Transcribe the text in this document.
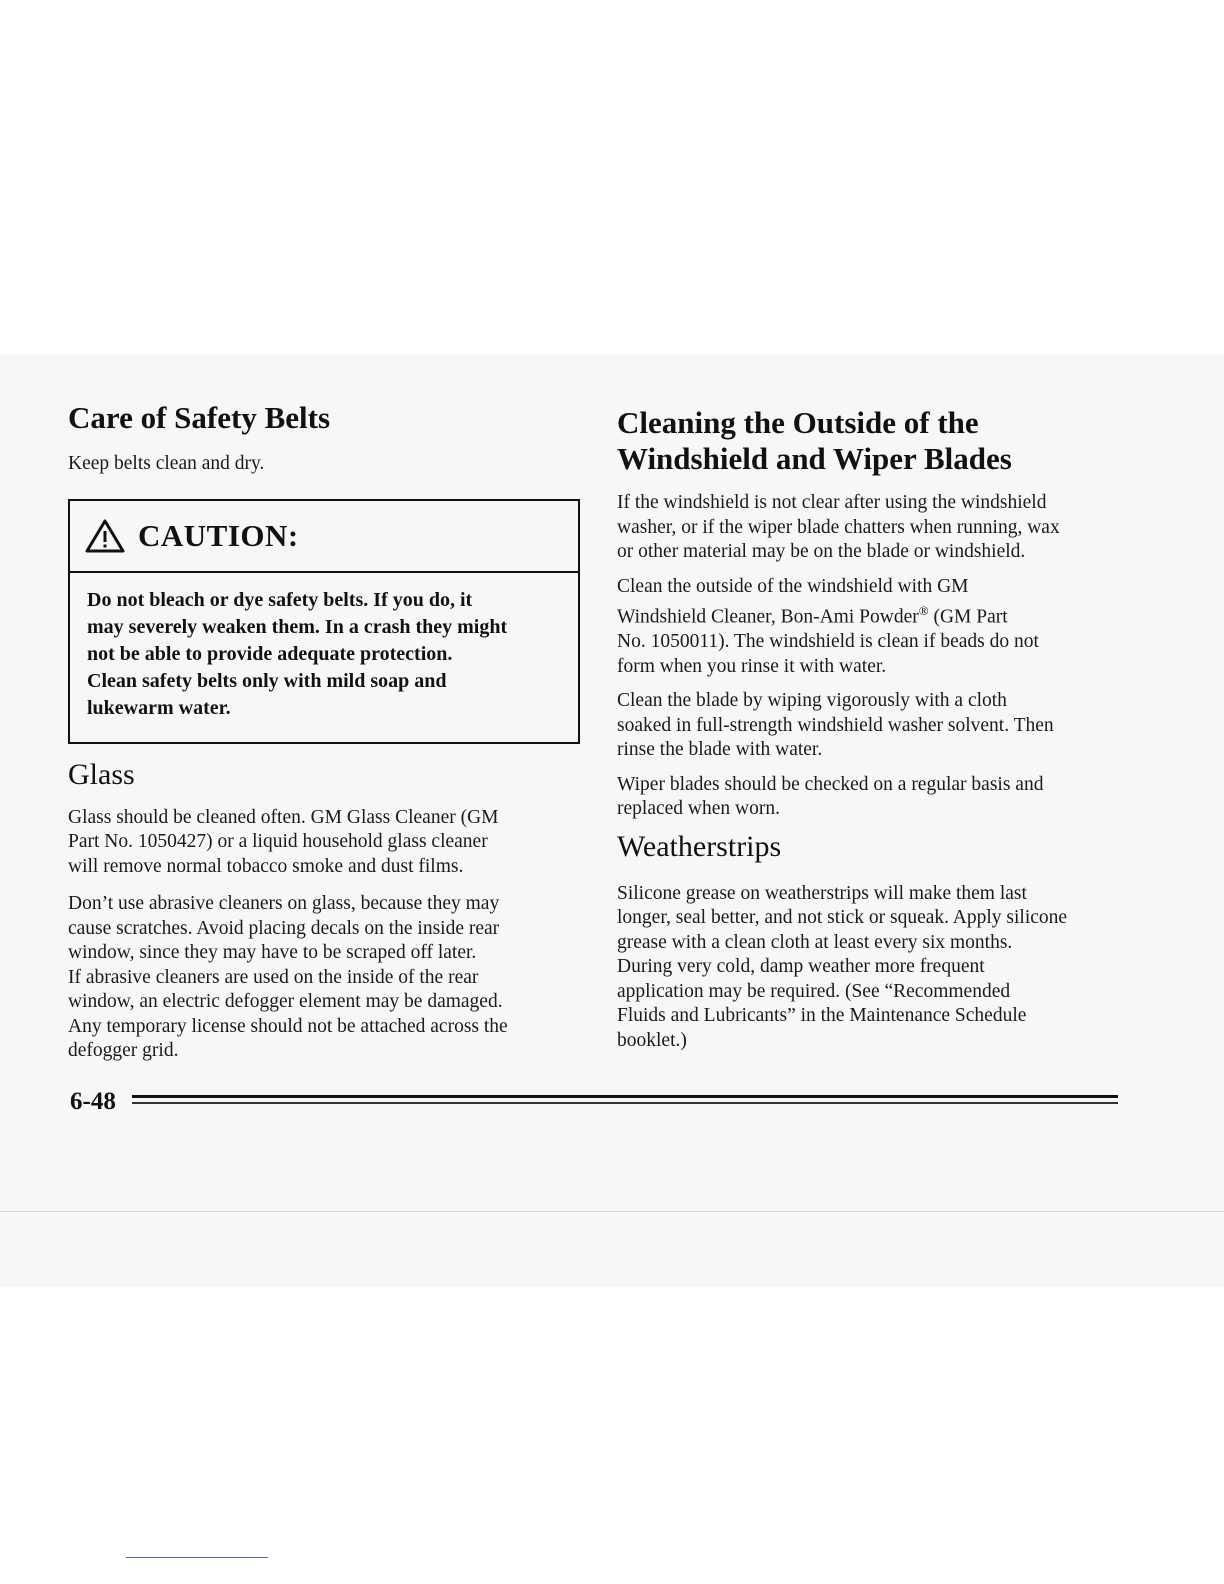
Care of Safety Belts

Keep belts clean and dry.

CAUTION:
Do not bleach or dye safety belts. If you do, it
may severely weaken them. In a crash they might
not be able to provide adequate protection.
Clean safety belts only with mild soap and
lukewarm water.
Glass

Glass should be cleaned often. GM Glass Cleaner (GM
Part No. 1050427) or a liquid household glass cleaner
will remove normal tobacco smoke and dust films.

Don’t use abrasive cleaners on glass, because they may
cause scratches. Avoid placing decals on the inside rear
window, since they may have to be scraped off later.
If abrasive cleaners are used on the inside of the rear
window, an electric defogger element may be damaged.
Any temporary license should not be attached across the
defogger grid.

Cleaning the Outside of the
Windshield and Wiper Blades

If the windshield is not clear after using the windshield
washer, or if the wiper blade chatters when running, wax
or other material may be on the blade or windshield.

Clean the outside of the windshield with GM
Windshield Cleaner, Bon-Ami Powder® (GM Part
No. 1050011). The windshield is clean if beads do not
form when you rinse it with water.

Clean the blade by wiping vigorously with a cloth
soaked in full-strength windshield washer solvent. Then
rinse the blade with water.

Wiper blades should be checked on a regular basis and
replaced when worn.

Weatherstrips

Silicone grease on weatherstrips will make them last
longer, seal better, and not stick or squeak. Apply silicone
grease with a clean cloth at least every six months.
During very cold, damp weather more frequent
application may be required. (See “Recommended
Fluids and Lubricants” in the Maintenance Schedule
booklet.)

6-48
